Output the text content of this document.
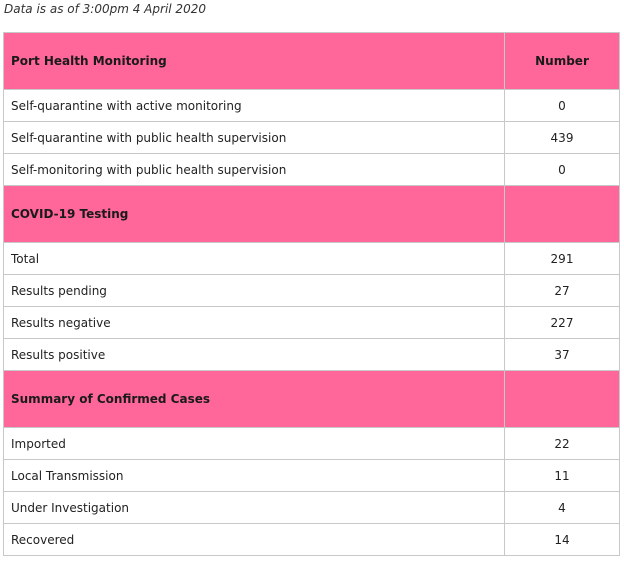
Data is as of 3:00pm 4 April 2020
Port Health Monitoring	Number
Self-quarantine with active monitoring	0
Self-quarantine with public health supervision	439
Self-monitoring with public health supervision	0
COVID-19 Testing	
Total	291
Results pending	27
Results negative	227
Results positive	37
Summary of Confirmed Cases	
Imported	22
Local Transmission	11
Under Investigation	4
Recovered	14
